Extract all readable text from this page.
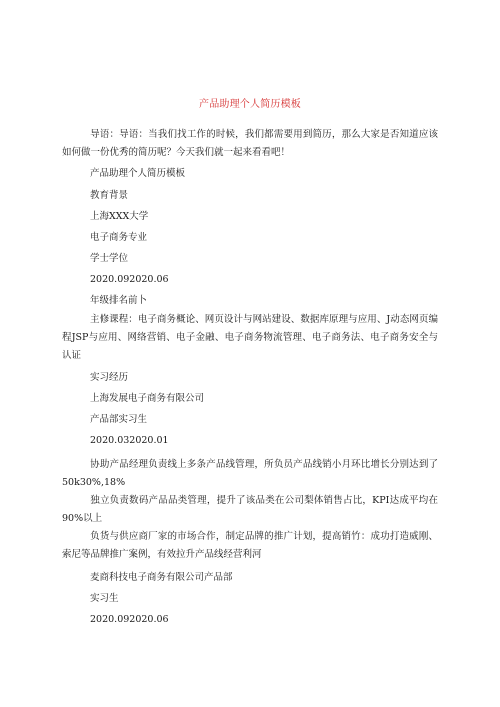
产品助理个人简历模板
导语：导语：当我们找工作的时候，我们都需要用到简历，那么大家是否知道应该如何做一份优秀的简历呢？今天我们就一起来看看吧！
产品助理个人简历模板
教育背景
上海XXX大学
电子商务专业
学士学位
2020.092020.06
年级排名前卜
主修课程：电子商务概论、网页设计与网站建设、数据库原理与应用、J动态网页编程JSP与应用、网络营销、电子金融、电子商务物流管理、电子商务法、电子商务安全与认证
实习经历
上海发展电子商务有限公司
产品部实习生
2020.032020.01
协助产品经理负责线上多条产品线管理，所负员产品线销小月环比增长分别达到了50k30%,18%
独立负责数码产品品类管理，提升了该品类在公司梨体销售占比，KPI达成平均在90%以上
负货与供应商厂家的市场合作，制定品牌的推广计划，提高销竹：成功打造威刚、索尼等品牌推广案例，有效拉升产品线经营利河
麦商科技电子商务有限公司产品部
实习生
2020.092020.06
